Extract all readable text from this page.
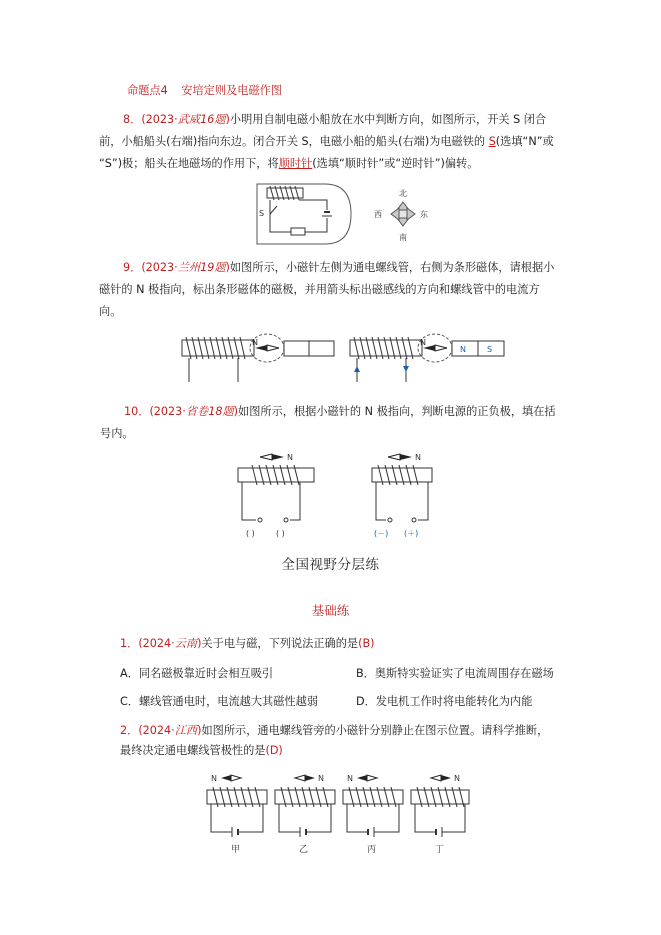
命题点4 安培定则及电磁作图
8．(2023·武威16题)小明用自制电磁小船放在水中判断方向，如图所示，开关 S 闭合
前，小船船头(右端)指向东边。闭合开关 S，电磁小船的船头(右端)为电磁铁的 S(选填“N”或
“S”)极；船头在地磁场的作用下，将顺时针(选填“顺时针”或“逆时针”)偏转。
S
北
南
西	东
9．(2023·兰州19题)如图所示，小磁针左侧为通电螺线管，右侧为条形磁体，请根据小
磁针的 N 极指向，标出条形磁体的磁极，并用箭头标出磁感线的方向和螺线管中的电流方
向。
N	N
N	S
10．(2023·省卷18题)如图所示，根据小磁针的 N 极指向，判断电源的正负极，填在括
号内。
N
( )	( )
N
(－) (＋)
全国视野分层练
基础练
1．(2024·云南)关于电与磁，下列说法正确的是(B)
A．同名磁极靠近时会相互吸引	B．奥斯特实验证实了电流周围存在磁场
C．螺线管通电时，电流越大其磁性越弱	D．发电机工作时将电能转化为内能
2．(2024·江西)如图所示，通电螺线管旁的小磁针分别静止在图示位置。请科学推断，
最终决定通电螺线管极性的是(D)
N
甲
N
乙
N
丙
N
丁
